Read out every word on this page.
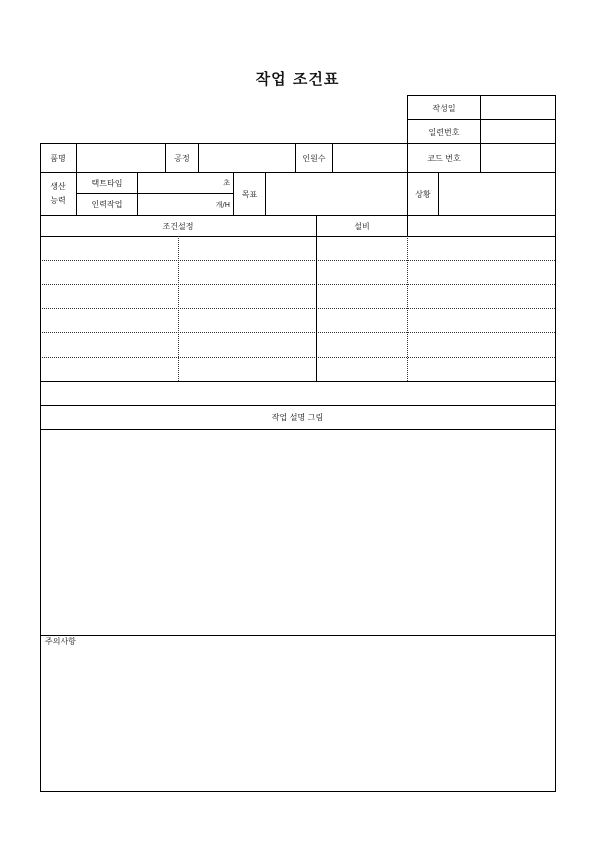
작업 조건표
작성일
일련번호
품명	공정	인원수	코드 번호
생산
능력
택트타임	초
인력작업	개/H
목표	상황
조건설정	설비
작업 설명 그림
주의사항
